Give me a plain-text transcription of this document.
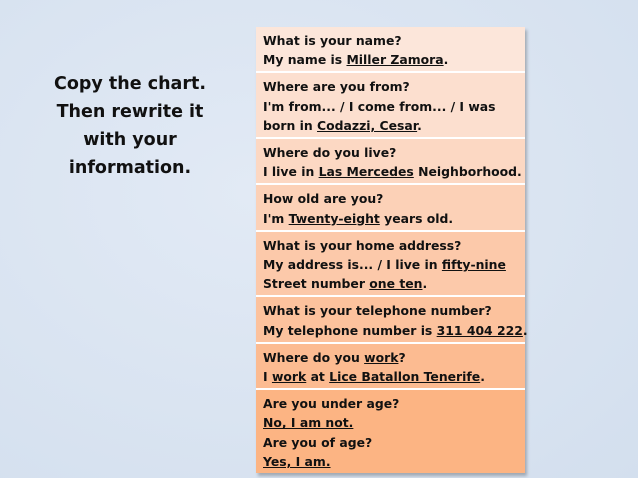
Copy the chart.
Then rewrite it
with your
information.
What is your name?
My name is Miller Zamora.
Where are you from?
I'm from... / I come from... / I was
born in Codazzi, Cesar.
Where do you live?
I live in Las Mercedes Neighborhood.
How old are you?
I'm Twenty-eight years old.
What is your home address?
My address is... / I live in fifty-nine
Street number one ten.
What is your telephone number?
My telephone number is 311 404 222.
Where do you work?
I work at Lice Batallon Tenerife.
Are you under age?
No, I am not.
Are you of age?
Yes, I am.
